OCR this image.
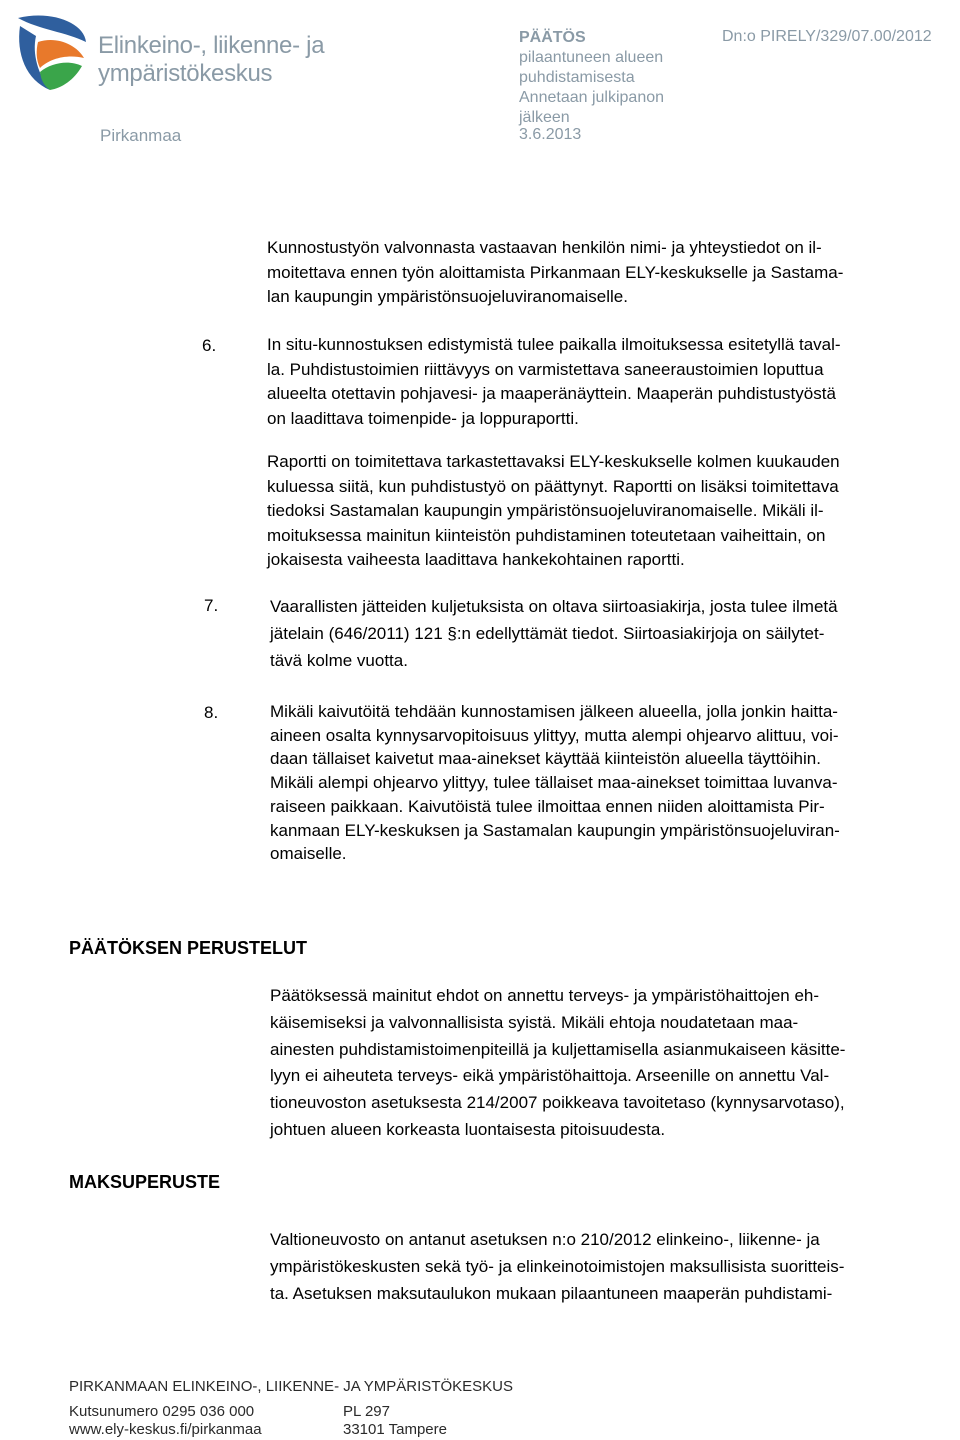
Elinkeino-, liikenne- ja
ympäristökeskus
Pirkanmaa
PÄÄTÖS
pilaantuneen alueen
puhdistamisesta
Annetaan julkipanon
jälkeen
3.6.2013
Dn:o PIRELY/329/07.00/2012

Kunnostustyön valvonnasta vastaavan henkilön nimi- ja yhteystiedot on il-

moitettava ennen työn aloittamista Pirkanmaan ELY-keskukselle ja Sastama-

lan kaupungin ympäristönsuojeluviranomaiselle.

6.	In situ-kunnostuksen edistymistä tulee paikalla ilmoituksessa esitetyllä taval-

la. Puhdistustoimien riittävyys on varmistettava saneeraustoimien loputtua

alueelta otettavin pohjavesi- ja maaperänäyttein. Maaperän puhdistustyöstä

on laadittava toimenpide- ja loppuraportti.

Raportti on toimitettava tarkastettavaksi ELY-keskukselle kolmen kuukauden

kuluessa siitä, kun puhdistustyö on päättynyt. Raportti on lisäksi toimitettava

tiedoksi Sastamalan kaupungin ympäristönsuojeluviranomaiselle. Mikäli il-

moituksessa mainitun kiinteistön puhdistaminen toteutetaan vaiheittain, on

jokaisesta vaiheesta laadittava hankekohtainen raportti.

7.	Vaarallisten jätteiden kuljetuksista on oltava siirtoasiakirja, josta tulee ilmetä

jätelain (646/2011) 121 §:n edellyttämät tiedot. Siirtoasiakirjoja on säilytet-

tävä kolme vuotta.

8.	Mikäli kaivutöitä tehdään kunnostamisen jälkeen alueella, jolla jonkin haitta-

aineen osalta kynnysarvopitoisuus ylittyy, mutta alempi ohjearvo alittuu, voi-

daan tällaiset kaivetut maa-ainekset käyttää kiinteistön alueella täyttöihin.

Mikäli alempi ohjearvo ylittyy, tulee tällaiset maa-ainekset toimittaa luvanva-

raiseen paikkaan. Kaivutöistä tulee ilmoittaa ennen niiden aloittamista Pir-

kanmaan ELY-keskuksen ja Sastamalan kaupungin ympäristönsuojeluviran-

omaiselle.

PÄÄTÖKSEN PERUSTELUT

Päätöksessä mainitut ehdot on annettu terveys- ja ympäristöhaittojen eh-

käisemiseksi ja valvonnallisista syistä. Mikäli ehtoja noudatetaan maa-

ainesten puhdistamistoimenpiteillä ja kuljettamisella asianmukaiseen käsitte-

lyyn ei aiheuteta terveys- eikä ympäristöhaittoja. Arseenille on annettu Val-

tioneuvoston asetuksesta 214/2007 poikkeava tavoitetaso (kynnysarvotaso),

johtuen alueen korkeasta luontaisesta pitoisuudesta.

MAKSUPERUSTE

Valtioneuvosto on antanut asetuksen n:o 210/2012 elinkeino-, liikenne- ja

ympäristökeskusten sekä työ- ja elinkeinotoimistojen maksullisista suoritteis-

ta. Asetuksen maksutaulukon mukaan pilaantuneen maaperän puhdistami-

PIRKANMAAN ELINKEINO-, LIIKENNE- JA YMPÄRISTÖKESKUS
Kutsunumero 0295 036 000
www.ely-keskus.fi/pirkanmaa
PL 297
33101 Tampere
